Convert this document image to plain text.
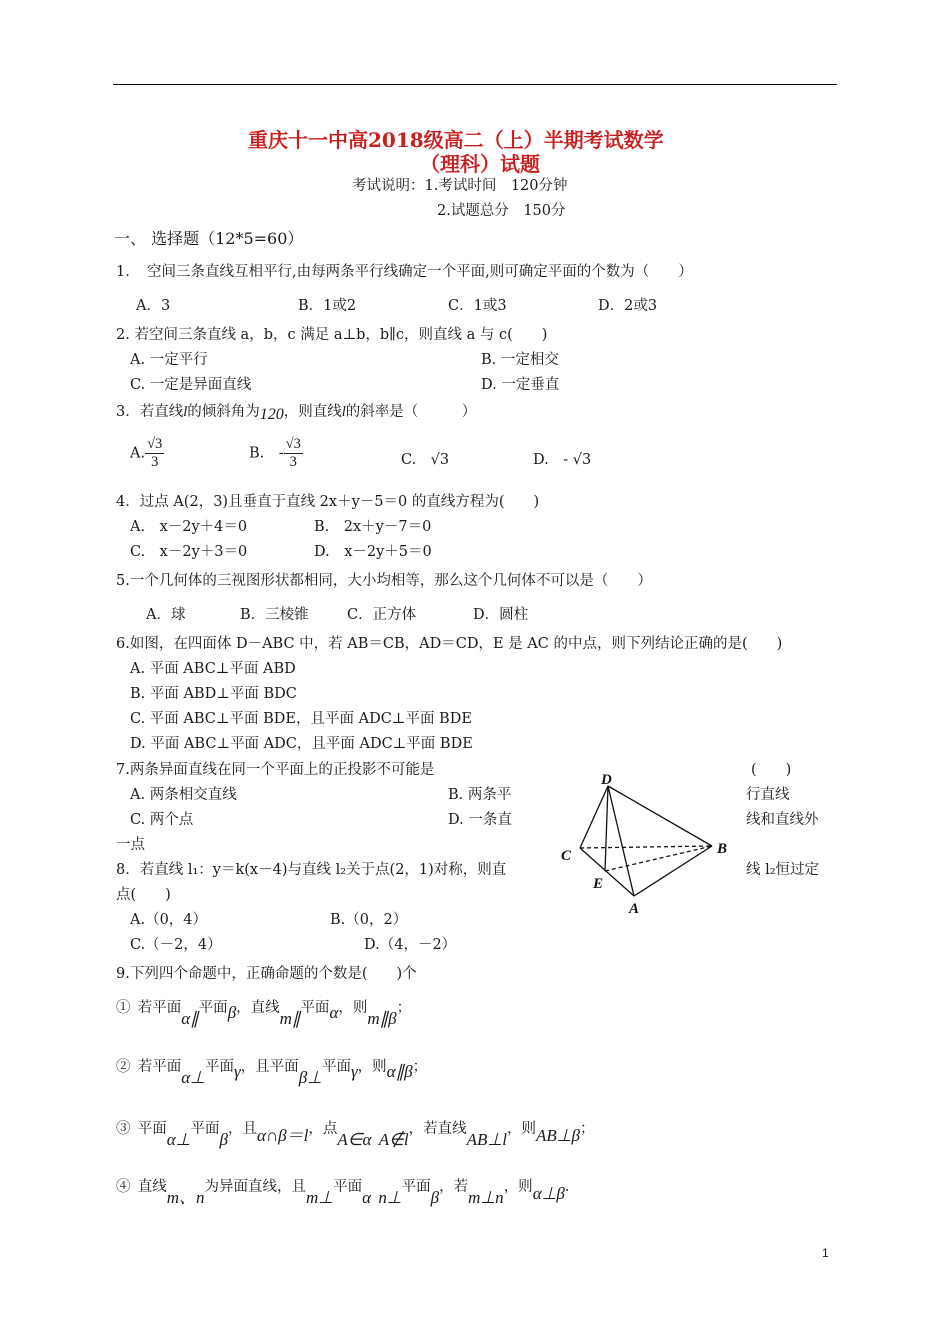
重庆十一中高2018级高二（上）半期考试数学
（理科）试题
考试说明：1.考试时间　120分钟
2.试题总分　150分
一、 选择题（12*5=60）
1．　空间三条直线互相平行,由每两条平行线确定一个平面,则可确定平面的个数为（　　）
A．3	B．1或2	C．1或3	D．2或3
2. 若空间三条直线 a，b，c 满足 a⊥b，b∥c，则直线 a 与 c(　　)
A. 一定平行	B. 一定相交
C. 一定是异面直线	D. 一定垂直
3．若直线l的倾斜角为120，则直线l的斜率是（　　　）
A. $\frac{√3}{3}$	B.　- $\frac{√3}{3}$	C.　√3	D.　- √3
4．过点 A(2，3)且垂直于直线 2x＋y－5＝0 的直线方程为(　　)
A.　x－2y＋4＝0	B.　2x＋y－7＝0
C.　x－2y＋3＝0	D.　x－2y＋5＝0
5.一个几何体的三视图形状都相同，大小均相等，那么这个几何体不可以是（　　）
A．球	B．三棱锥	C．正方体	D．圆柱
6.如图，在四面体 D－ABC 中，若 AB＝CB，AD＝CD，E 是 AC 的中点，则下列结论正确的是(　　)
A. 平面 ABC⊥平面 ABD
B. 平面 ABD⊥平面 BDC
C. 平面 ABC⊥平面 BDE，且平面 ADC⊥平面 BDE
D. 平面 ABC⊥平面 ADC，且平面 ADC⊥平面 BDE
7.两条异面直线在同一个平面上的正投影不可能是	(　　)
A. 两条相交直线	B. 两条平	行直线
C. 两个点	D. 一条直	线和直线外
一点
8．若直线 l₁：y＝k(x－4)与直线 l₂关于点(2，1)对称，则直	线 l₂恒过定
点(　　)
A.（0，4）	B.（0，2）
C.（－2，4）	D.（4，－2）
D
C	B
E
A
9.下列四个命题中，正确命题的个数是(　　)个
①  若平面α∥平面β，直线m∥平面α，则m∥β；
②  若平面α⊥平面γ，且平面β⊥平面γ，则α∥β；
③  平面α⊥平面β，且α∩β＝l，点A∈α  A∉l，若直线AB⊥l，则AB⊥β；
④  直线m、n为异面直线，且m⊥平面α  n⊥平面β，若m⊥n，则α⊥β.
1
